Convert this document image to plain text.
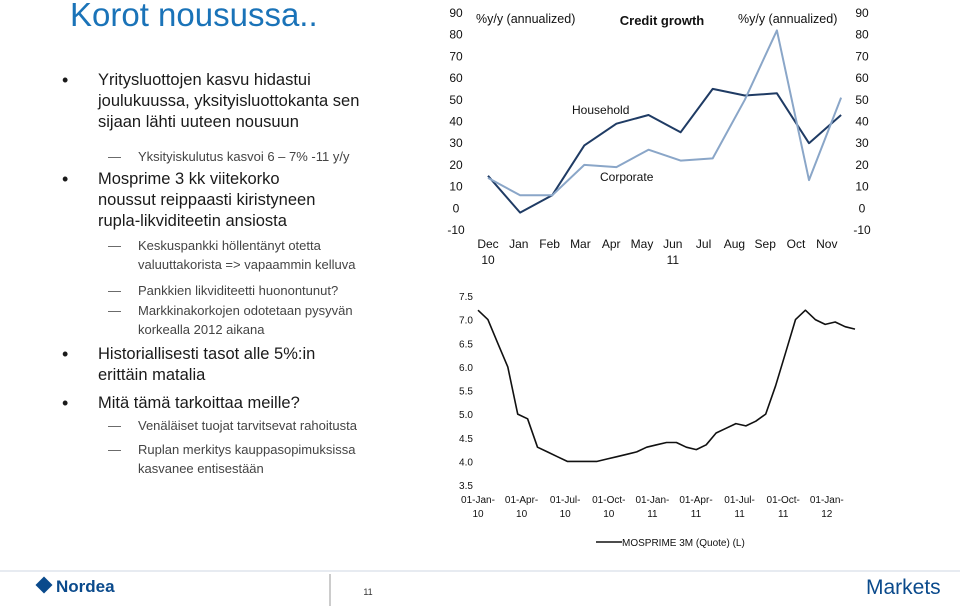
Korot nousussa..
• Yritysluottojen kasvu hidastui joulukuussa, yksityisluottokanta sen sijaan lähti uuteen nousuun
— Yksityiskulutus kasvoi 6 – 7% -11 y/y
• Mosprime 3 kk viitekorko noussut reippaasti kiristyneen rupla-likviditeetin ansiosta
— Keskuspankki höllentänyt otetta valuuttakorista => vapaammin kelluva
— Pankkien likviditeetti huonontunut?
— Markkinakorkojen odotetaan pysyvän korkealla 2012 aikana
• Historiallisesti tasot alle 5%:in erittäin matalia
• Mitä tämä tarkoittaa meille?
— Venäläiset tuojat tarvitsevat rahoitusta
— Ruplan merkitys kauppasopimuksissa kasvanee entisestään
Credit growth
%y/y (annualized)	%y/y (annualized)
-10
0
10
20
30
40
50
60
70
80
90
-10
0
10
20
30
40
50
60
70
80
90
Dec
10
Jan Feb Mar Apr May Jun
11
Jul Aug Sep Oct Nov
Household
Corporate
3.5
4.0
4.5
5.0
5.5
6.0
6.5
7.0
7.5
01-Jan-
10
01-Apr-
10
01-Jul-
10
01-Oct-
10
01-Jan-
11
01-Apr-
11
01-Jul-
11
01-Oct-
11
01-Jan-
12
MOSPRIME 3M (Quote) (L)
Nordea	11	Markets
